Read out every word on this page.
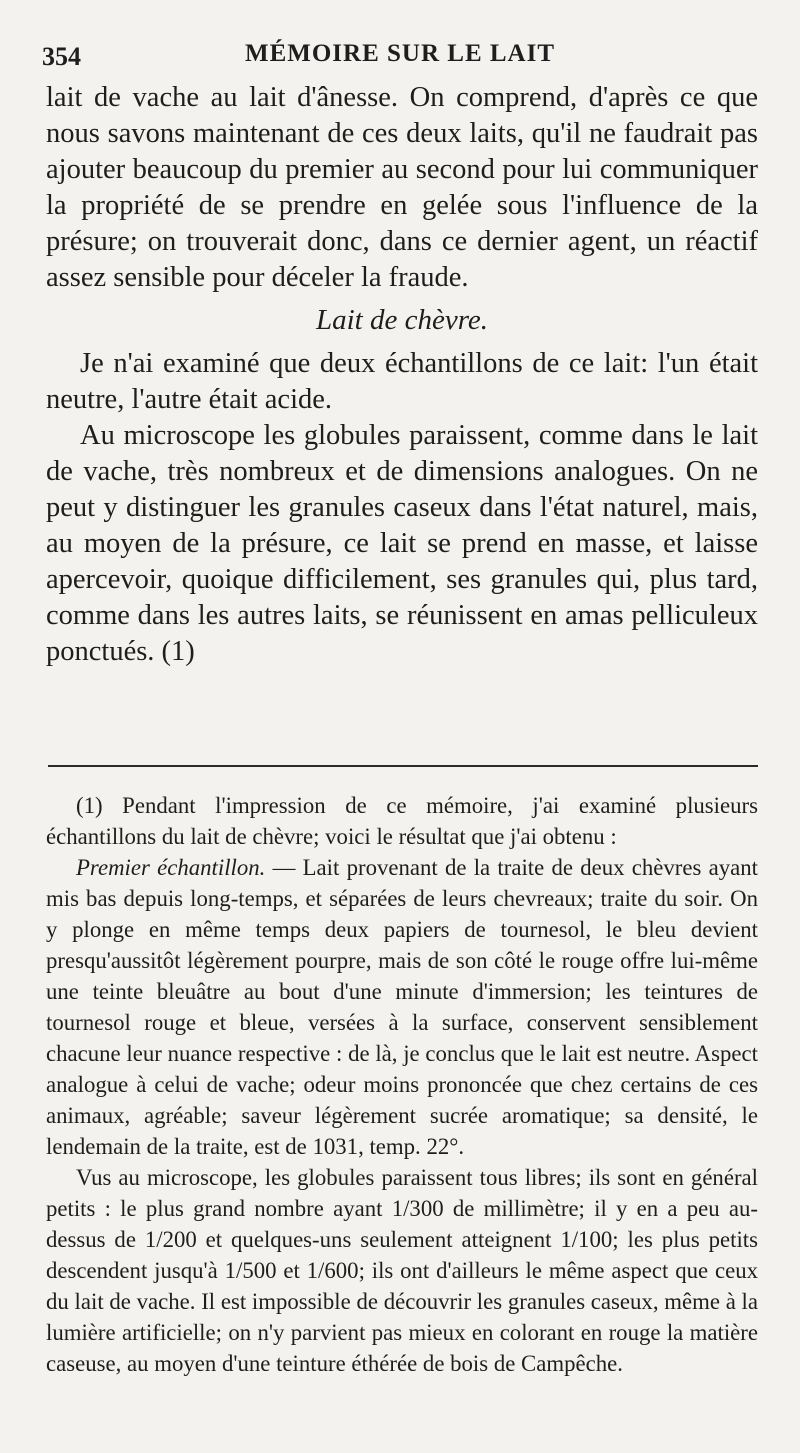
354	MÉMOIRE SUR LE LAIT

lait de vache au lait d'ânesse. On comprend, d'après ce que nous savons maintenant de ces deux laits, qu'il ne faudrait pas ajouter beaucoup du premier au second pour lui communiquer la propriété de se prendre en gelée sous l'influence de la présure; on trouverait donc, dans ce dernier agent, un réactif assez sensible pour déceler la fraude.

Lait de chèvre.

Je n'ai examiné que deux échantillons de ce lait: l'un était neutre, l'autre était acide.

Au microscope les globules paraissent, comme dans le lait de vache, très nombreux et de dimensions analogues. On ne peut y distinguer les granules caseux dans l'état naturel, mais, au moyen de la présure, ce lait se prend en masse, et laisse apercevoir, quoique difficilement, ses granules qui, plus tard, comme dans les autres laits, se réunissent en amas pelliculeux ponctués. (1)

(1) Pendant l'impression de ce mémoire, j'ai examiné plusieurs échantillons du lait de chèvre; voici le résultat que j'ai obtenu :

Premier échantillon. — Lait provenant de la traite de deux chèvres ayant mis bas depuis long-temps, et séparées de leurs chevreaux; traite du soir. On y plonge en même temps deux papiers de tournesol, le bleu devient presqu'aussitôt légèrement pourpre, mais de son côté le rouge offre lui-même une teinte bleuâtre au bout d'une minute d'immersion; les teintures de tournesol rouge et bleue, versées à la surface, conservent sensiblement chacune leur nuance respective : de là, je conclus que le lait est neutre. Aspect analogue à celui de vache; odeur moins prononcée que chez certains de ces animaux, agréable; saveur légèrement sucrée aromatique; sa densité, le lendemain de la traite, est de 1031, temp. 22°.

Vus au microscope, les globules paraissent tous libres; ils sont en général petits : le plus grand nombre ayant 1/300 de millimètre; il y en a peu au-dessus de 1/200 et quelques-uns seulement atteignent 1/100; les plus petits descendent jusqu'à 1/500 et 1/600; ils ont d'ailleurs le même aspect que ceux du lait de vache. Il est impossible de découvrir les granules caseux, même à la lumière artificielle; on n'y parvient pas mieux en colorant en rouge la matière caseuse, au moyen d'une teinture éthérée de bois de Campêche.
